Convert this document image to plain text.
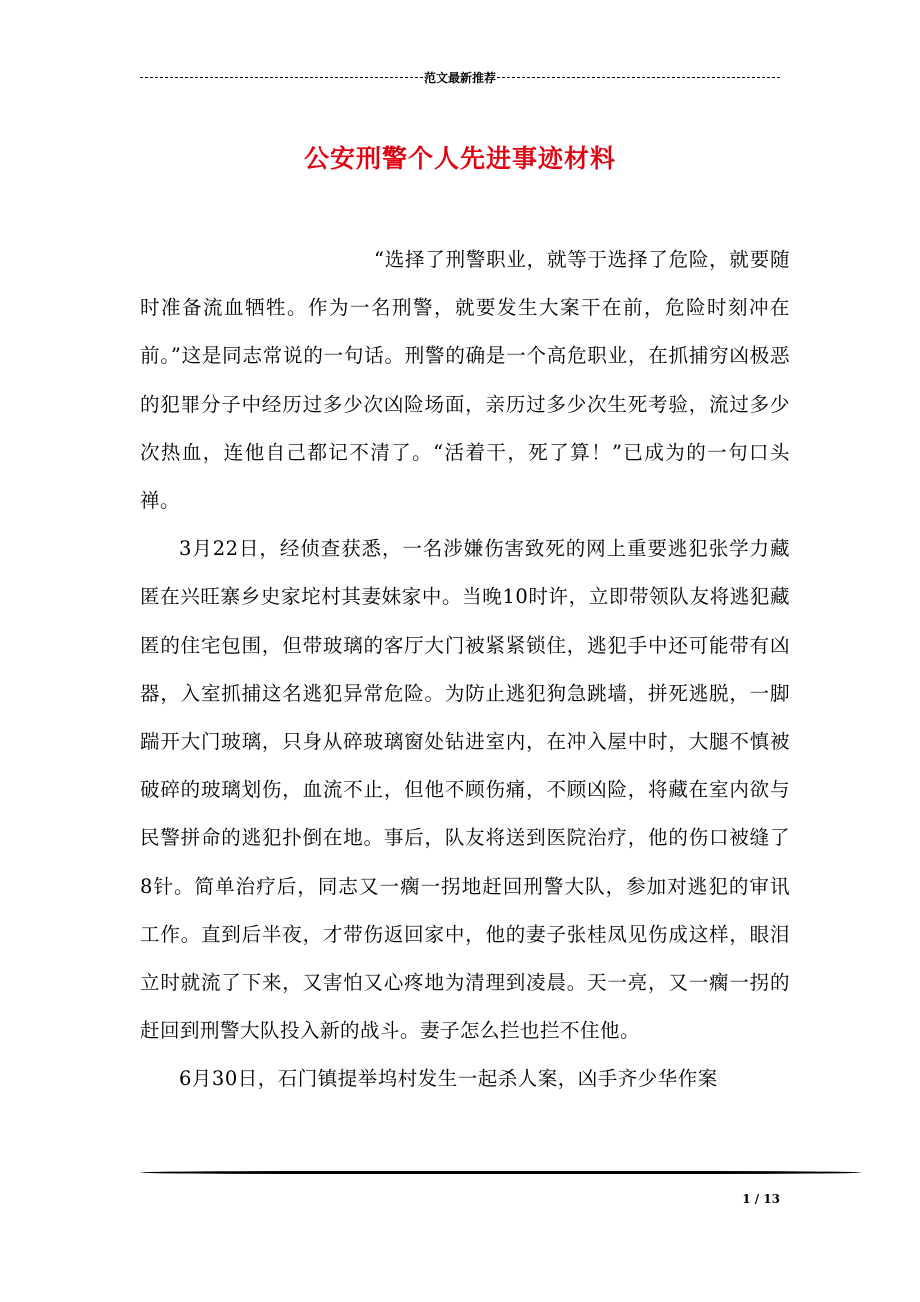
范文最新推荐
公安刑警个人先进事迹材料

“选择了刑警职业，就等于选择了危险，就要随时准备流血牺牲。作为一名刑警，就要发生大案干在前，危险时刻冲在前。”这是同志常说的一句话。刑警的确是一个高危职业，在抓捕穷凶极恶的犯罪分子中经历过多少次凶险场面，亲历过多少次生死考验，流过多少次热血，连他自己都记不清了。“活着干，死了算！”已成为的一句口头禅。

3月22日，经侦查获悉，一名涉嫌伤害致死的网上重要逃犯张学力藏匿在兴旺寨乡史家坨村其妻妹家中。当晚10时许，立即带领队友将逃犯藏匿的住宅包围，但带玻璃的客厅大门被紧紧锁住，逃犯手中还可能带有凶器，入室抓捕这名逃犯异常危险。为防止逃犯狗急跳墙，拼死逃脱，一脚踹开大门玻璃，只身从碎玻璃窗处钻进室内，在冲入屋中时，大腿不慎被破碎的玻璃划伤，血流不止，但他不顾伤痛，不顾凶险，将藏在室内欲与民警拼命的逃犯扑倒在地。事后，队友将送到医院治疗，他的伤口被缝了8针。简单治疗后，同志又一瘸一拐地赶回刑警大队，参加对逃犯的审讯工作。直到后半夜，才带伤返回家中，他的妻子张桂凤见伤成这样，眼泪立时就流了下来，又害怕又心疼地为清理到凌晨。天一亮，又一瘸一拐的赶回到刑警大队投入新的战斗。妻子怎么拦也拦不住他。

6月30日，石门镇提举坞村发生一起杀人案，凶手齐少华作案

1 / 13
